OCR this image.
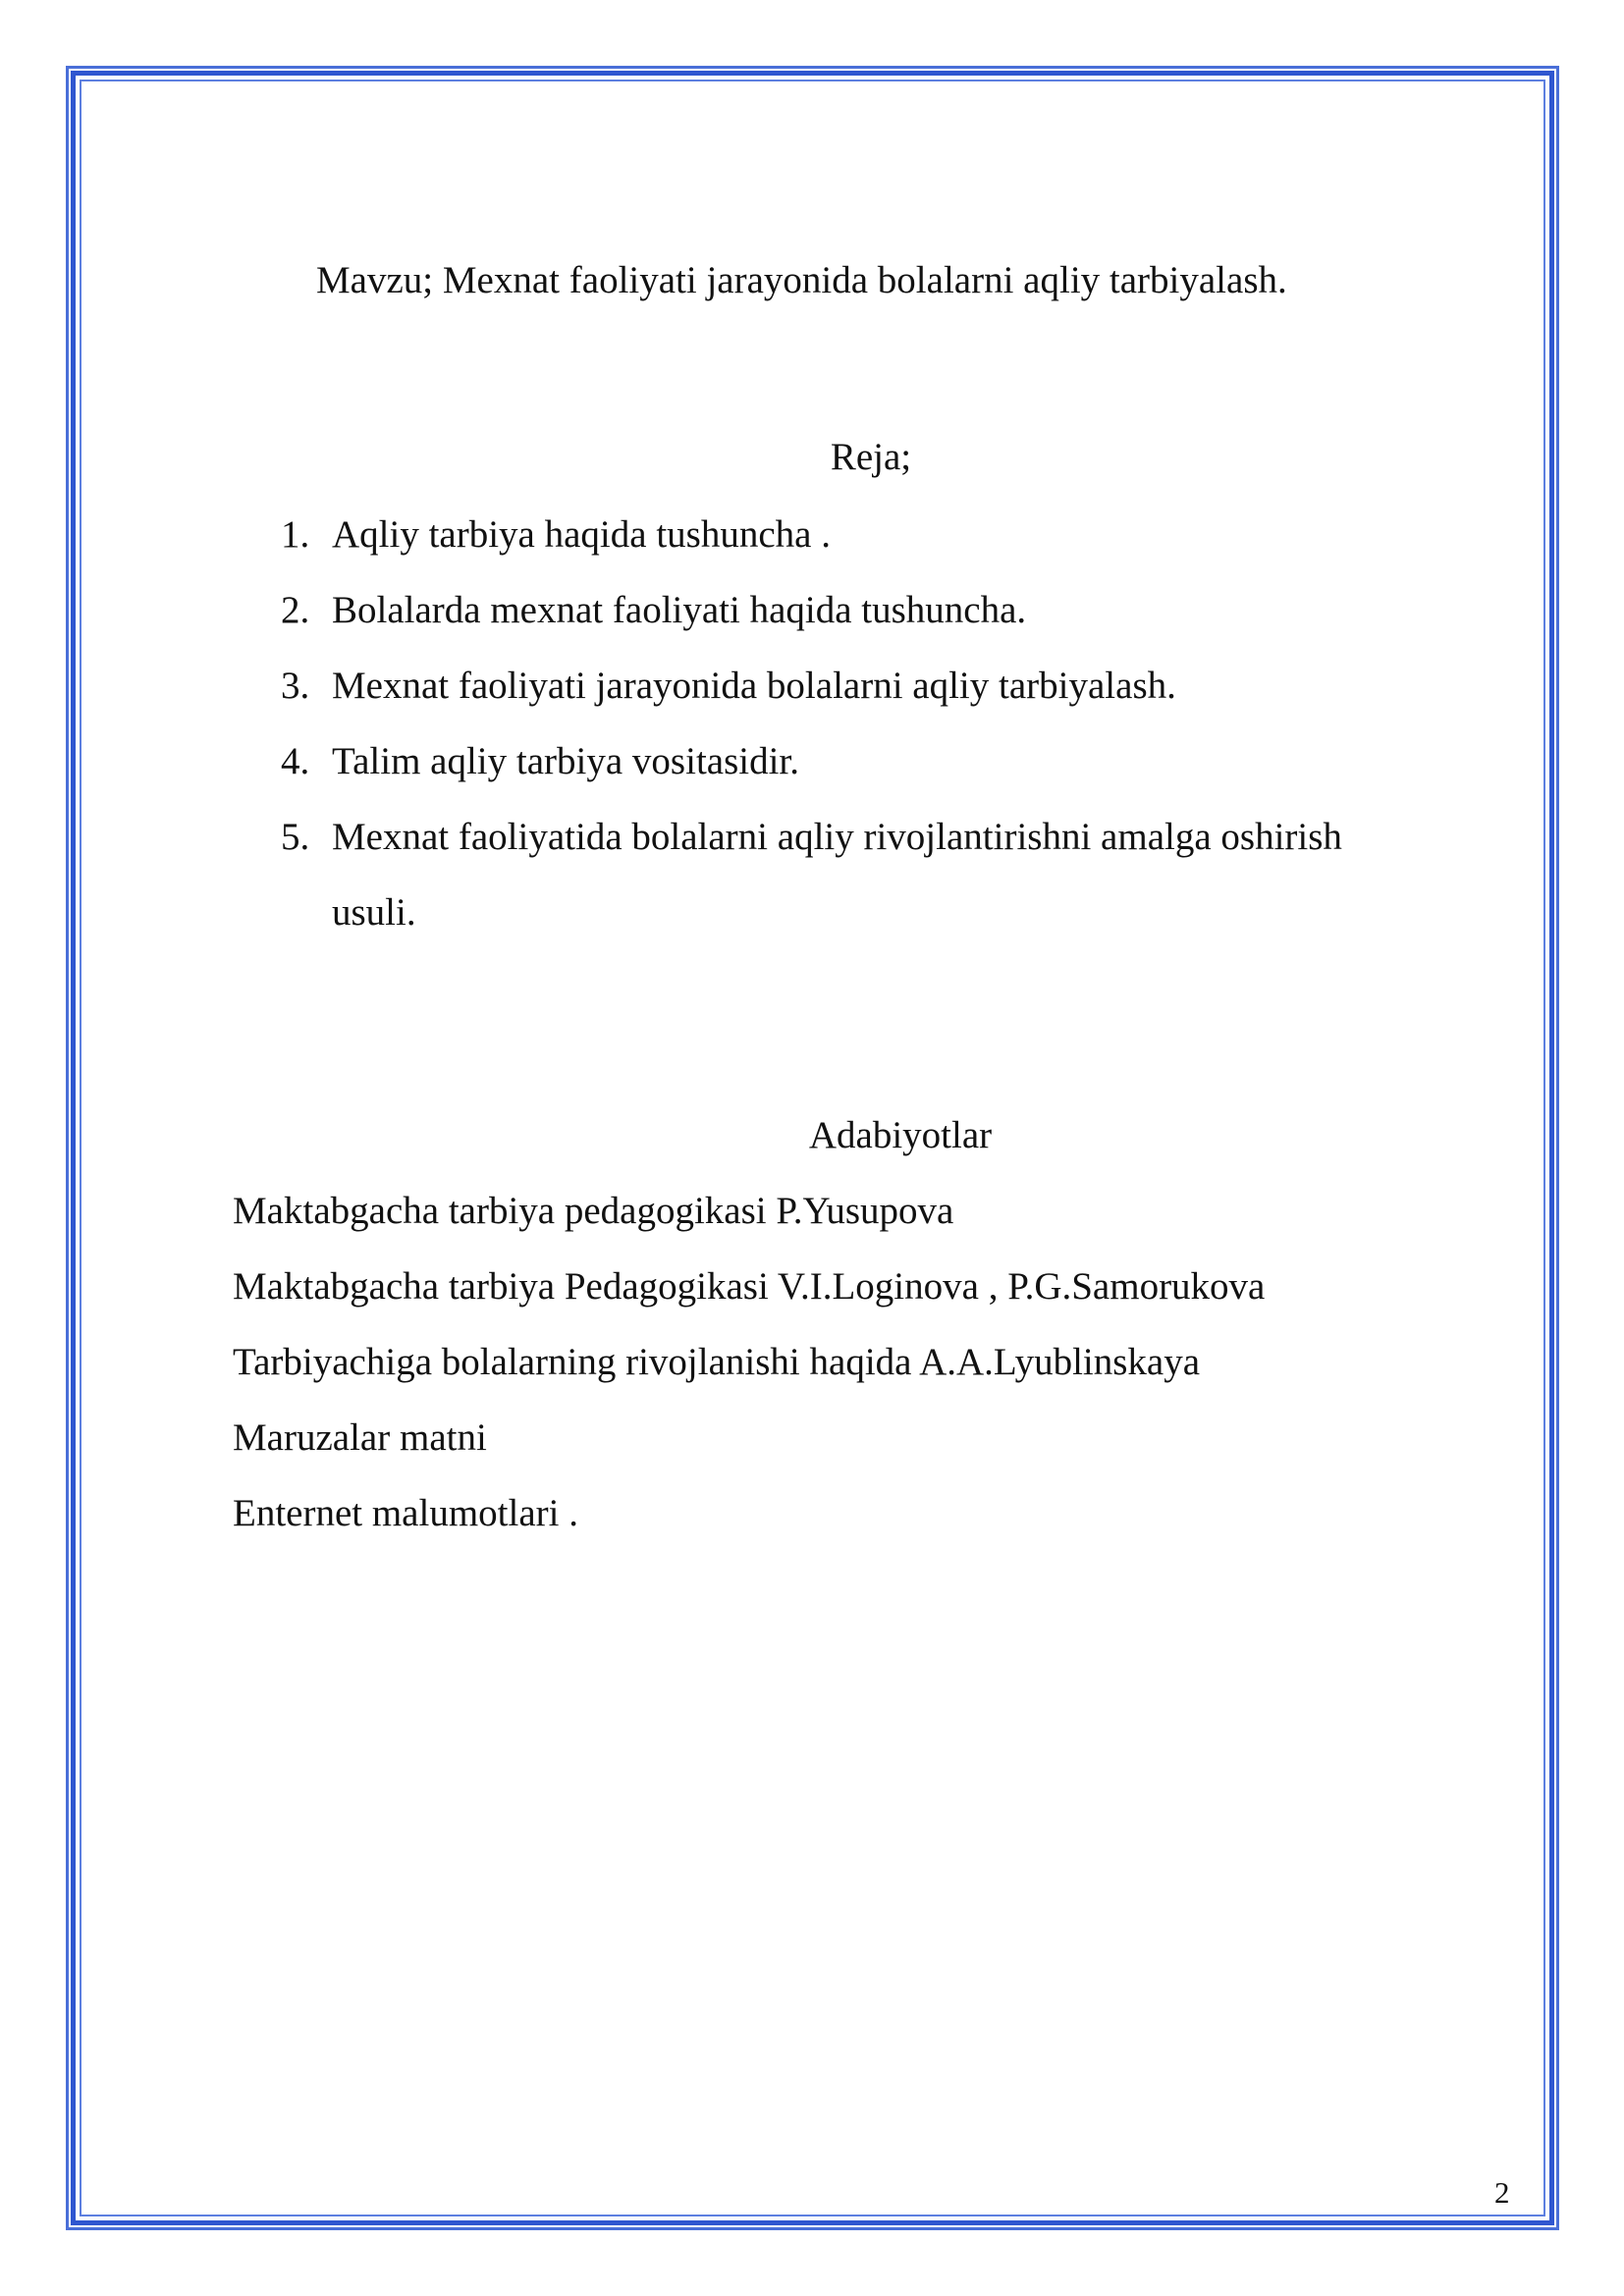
Mavzu; Mexnat faoliyati jarayonida bolalarni aqliy tarbiyalash.
Reja;
1. Aqliy tarbiya haqida tushuncha .
2. Bolalarda mexnat faoliyati haqida tushuncha.
3. Mexnat faoliyati jarayonida bolalarni aqliy tarbiyalash.
4. Talim aqliy tarbiya vositasidir.
5. Mexnat faoliyatida bolalarni aqliy rivojlantirishni amalga oshirish
usuli.
Adabiyotlar
Maktabgacha tarbiya pedagogikasi P.Yusupova
Maktabgacha tarbiya Pedagogikasi V.I.Loginova , P.G.Samorukova
Tarbiyachiga bolalarning rivojlanishi haqida A.A.Lyublinskaya
Maruzalar matni
Enternet malumotlari .
2
